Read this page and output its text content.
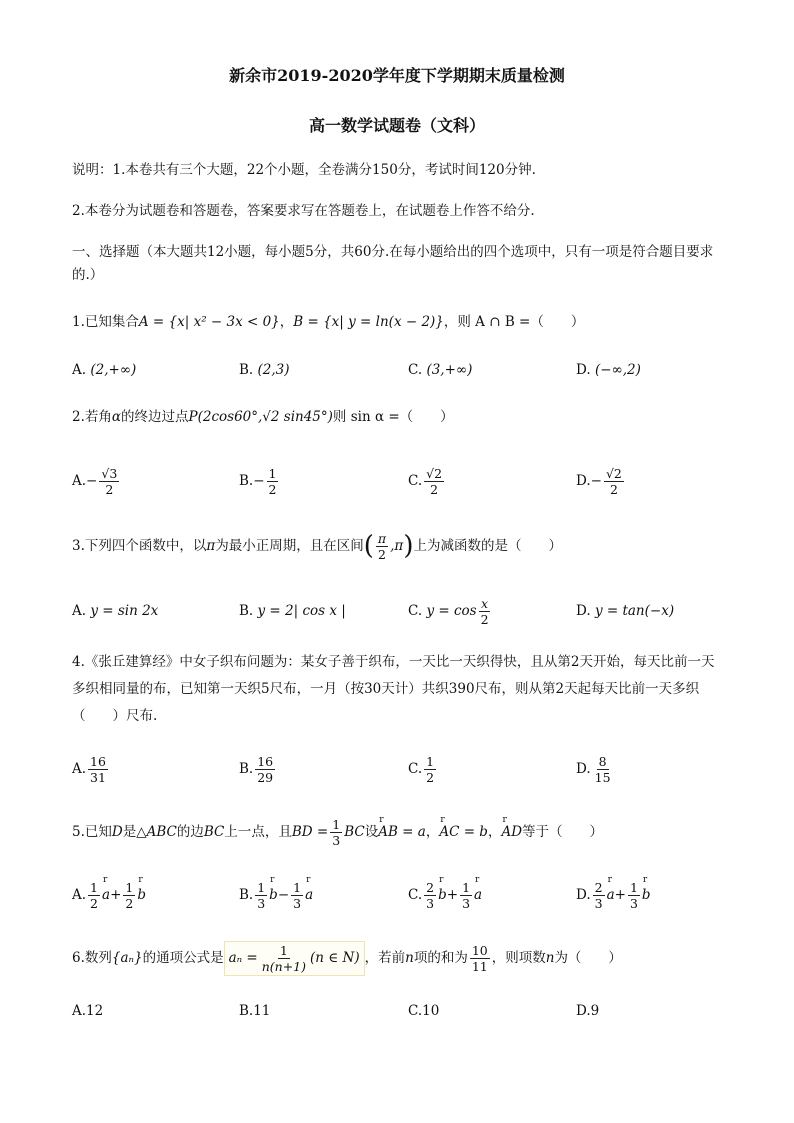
新余市2019-2020学年度下学期期末质量检测
高一数学试题卷（文科）
说明：1.本卷共有三个大题，22个小题，全卷满分150分，考试时间120分钟.
2.本卷分为试题卷和答题卷，答案要求写在答题卷上，在试题卷上作答不给分.
一、选择题（本大题共12小题，每小题5分，共60分.在每小题给出的四个选项中，只有一项是符合题目要求的.）
1.已知集合A = {x| x² − 3x < 0}，B = {x| y = ln(x − 2)}，则 A ∩ B =（　　）
A.
(2,+∞)	B.
(2,3)	C.
(3,+∞)	D.
(−∞,2)
2.若角α的终边过点P(2cos60°,√2 sin45°)则 sin α =（　　）
A. − $\frac{√3}{2}$	B. − $\frac{1}{2}$	C. $\frac{√2}{2}$	D. − $\frac{√2}{2}$
3.下列四个函数中，以 π 为最小正周期，且在区间 ( $\frac{\pi}{2} ,\pi$ ) 上为减函数的是（　　）
A.
y = sin 2x	B.
y = 2| cos x |	C.
$y = \cos \frac{x}{2}$	D.
y = tan(−x)
4.《张丘建算经》中女子织布问题为：某女子善于织布，一天比一天织得快，且从第2天开始，每天比前一天多织相同量的布，已知第一天织5尺布，一月（按30天计）共织390尺布，则从第2天起每天比前一天多织（　　）尺布.
A. $\frac{16}{31}$	B. $\frac{16}{29}$	C. $\frac{1}{2}$	D. $\frac{8}{15}$
5.已知 D 是 △ABC 的边 BC 上一点，且 BD = $\frac{1}{3}$ BC 设 r AB = a ， r AC = b ， r AD 等于（　　）
A. $\frac{1}{2}$ r $a + \frac{1}{2}$ r b	B. $\frac{1}{3}$ r $b - \frac{1}{3}$ r a	C. $\frac{2}{3}$ r $b + \frac{1}{3}$ r a	D. $\frac{2}{3}$ r $a + \frac{1}{3}$ r b
6.数列 {aₙ} 的通项公式是 $a_n = \frac{1}{n(n+1)} (n$ ∈ N) ，若前 n 项的和为 $\frac{10}{11}$ ，则项数 n 为（　　）
A.12	B.11	C.10	D.9
